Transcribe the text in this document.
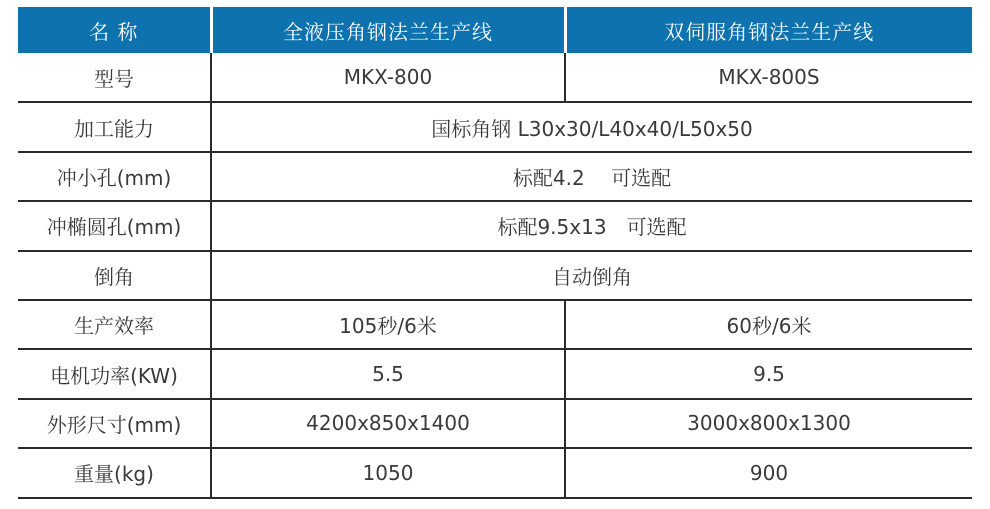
名 称	全液压角钢法兰生产线	双伺服角钢法兰生产线
型号	MKX-800	MKX-800S
加工能力	国标角钢 L30x30/L40x40/L50x50	
冲小孔(mm)	标配4.2　 可选配	
冲椭圆孔(mm)	标配9.5x13　可选配	
倒角	自动倒角	
生产效率	105秒/6米	60秒/6米
电机功率(KW)	5.5	9.5
外形尺寸(mm)	4200x850x1400	3000x800x1300
重量(kg)	1050	900
